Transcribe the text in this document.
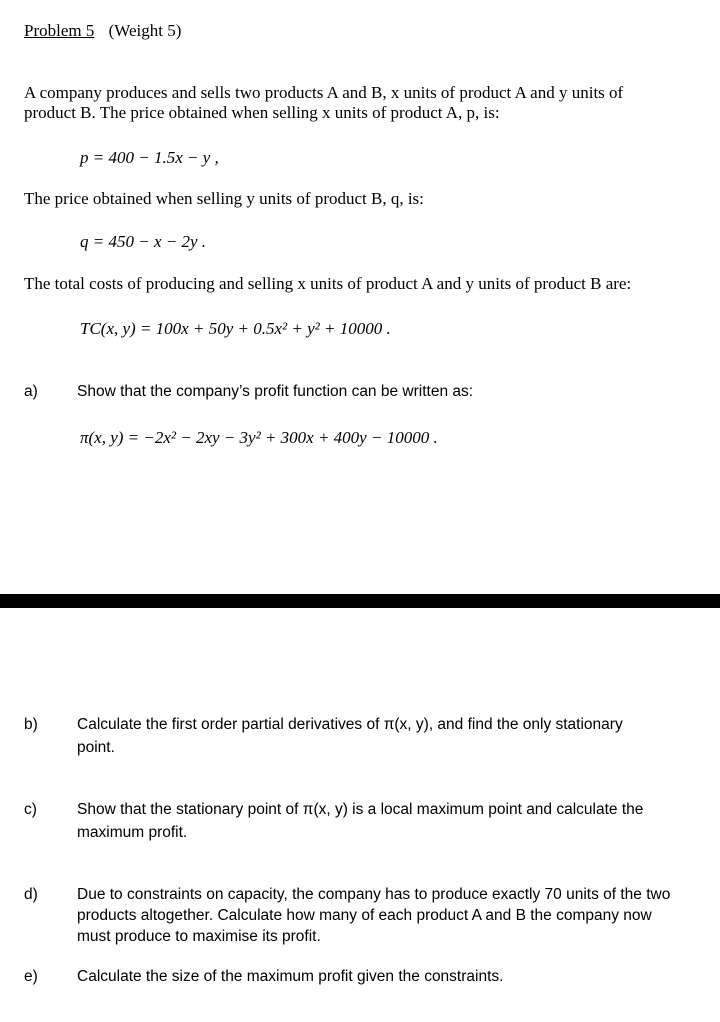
Problem 5 (Weight 5)
A company produces and sells two products A and B, x units of product A and y units of
product B. The price obtained when selling x units of product A, p, is:
p = 400 − 1.5x − y ,
The price obtained when selling y units of product B, q, is:
q = 450 − x − 2y .
The total costs of producing and selling x units of product A and y units of product B are:
TC(x, y) = 100x + 50y + 0.5x² + y² + 10000 .
a)	Show that the company’s profit function can be written as:
π(x, y) = −2x² − 2xy − 3y² + 300x + 400y − 10000 .
b)	Calculate the first order partial derivatives of π(x, y), and find the only stationary
point.
c)	Show that the stationary point of π(x, y) is a local maximum point and calculate the
maximum profit.
d)	Due to constraints on capacity, the company has to produce exactly 70 units of the two
products altogether. Calculate how many of each product A and B the company now
must produce to maximise its profit.
e)	Calculate the size of the maximum profit given the constraints.
